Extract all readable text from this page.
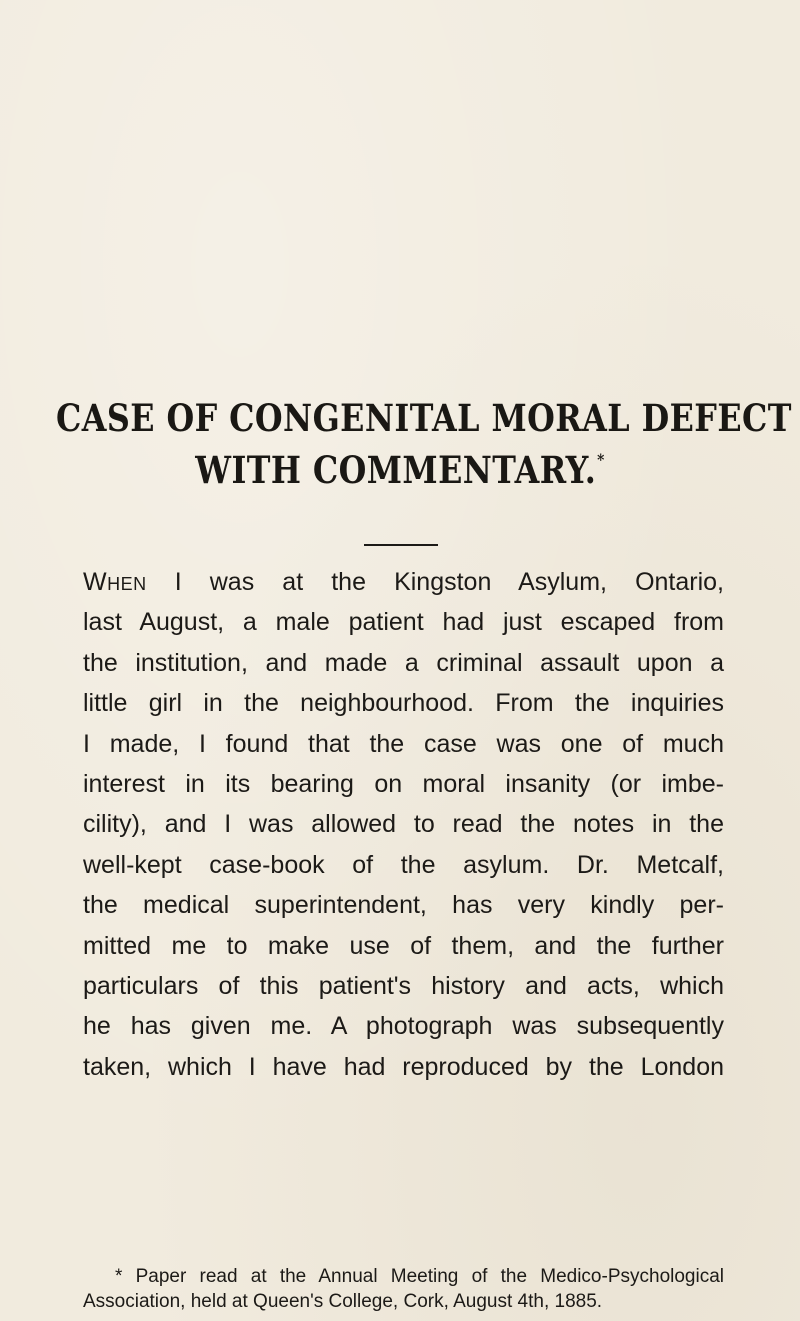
CASE OF CONGENITAL MORAL DEFECT
WITH COMMENTARY.*
When I was at the Kingston Asylum, Ontario,
last August, a male patient had just escaped from
the institution, and made a criminal assault upon a
little girl in the neighbourhood. From the inquiries
I made, I found that the case was one of much
interest in its bearing on moral insanity (or imbe-
cility), and I was allowed to read the notes in the
well-kept case-book of the asylum. Dr. Metcalf,
the medical superintendent, has very kindly per-
mitted me to make use of them, and the further
particulars of this patient's history and acts, which
he has given me. A photograph was subsequently
taken, which I have had reproduced by the London
* Paper read at the Annual Meeting of the Medico-Psychological
Association, held at Queen's College, Cork, August 4th, 1885.
